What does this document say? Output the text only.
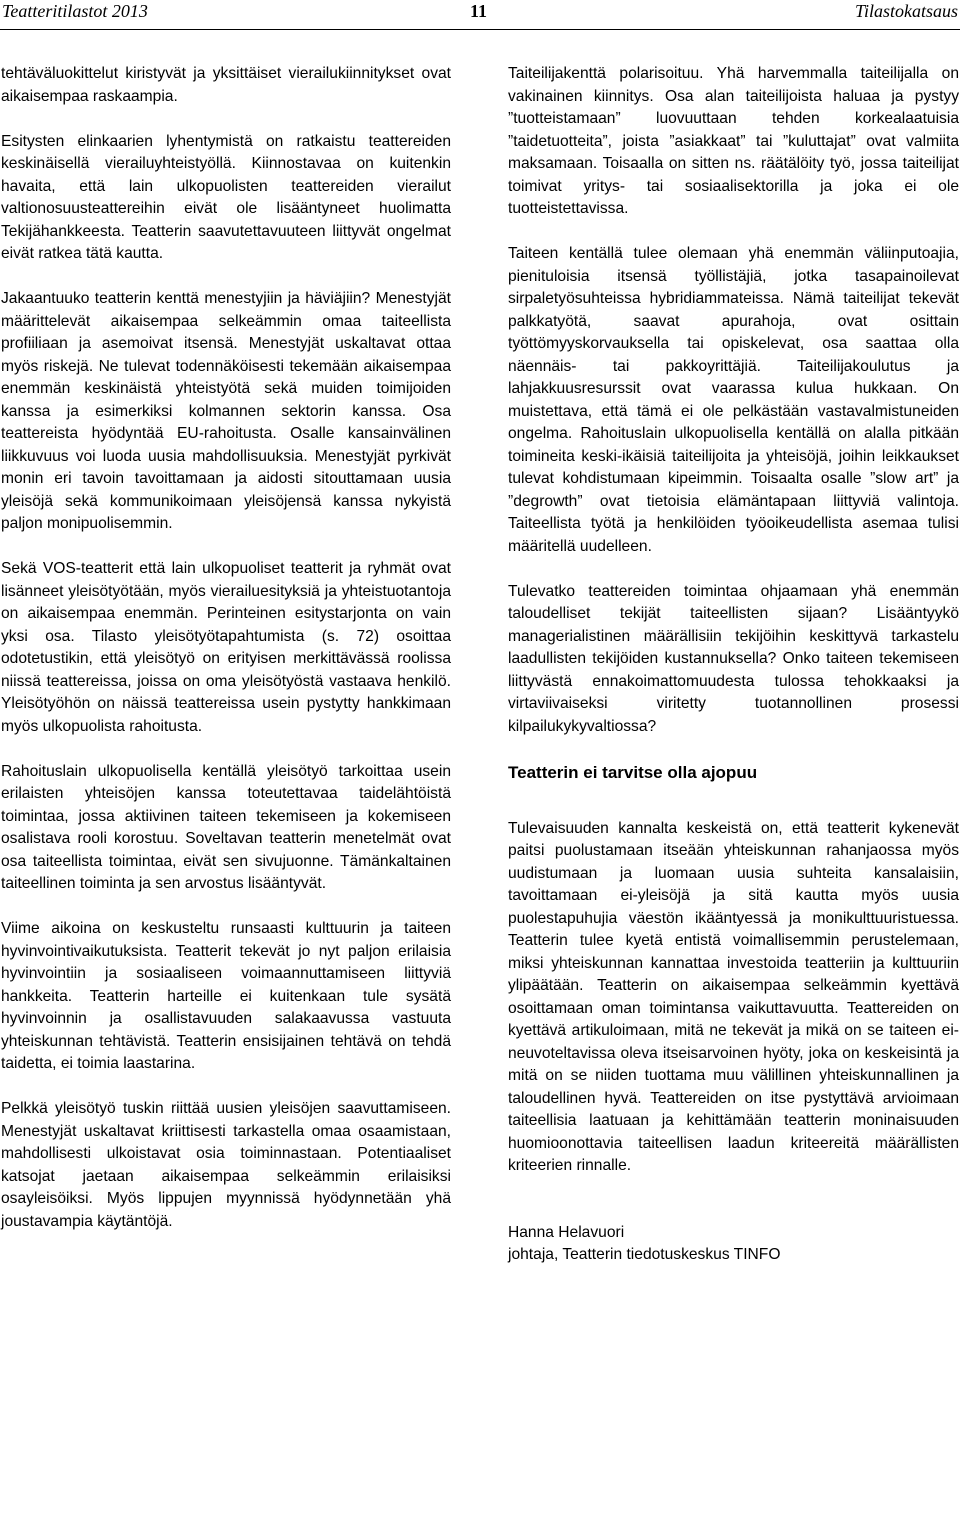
Teatteritilastot 2013	11	Tilastokatsaus

tehtäväluokittelut kiristyvät ja yksittäiset vierailukiinnitykset ovat aikaisempaa raskaampia.

Esitysten elinkaarien lyhentymistä on ratkaistu teattereiden keskinäisellä vierailuyhteistyöllä. Kiinnostavaa on kuitenkin havaita, että lain ulkopuolisten teattereiden vierailut valtionosuusteattereihin eivät ole lisääntyneet huolimatta Tekijähankkeesta. Teatterin saavutettavuuteen liittyvät ongelmat eivät ratkea tätä kautta.

Jakaantuuko teatterin kenttä menestyjiin ja häviäjiin? Menestyjät määrittelevät aikaisempaa selkeämmin omaa taiteellista profiiliaan ja asemoivat itsensä. Menestyjät uskaltavat ottaa myös riskejä. Ne tulevat todennäköisesti tekemään aikaisempaa enemmän keskinäistä yhteistyötä sekä muiden toimijoiden kanssa ja esimerkiksi kolmannen sektorin kanssa. Osa teattereista hyödyntää EU-rahoitusta. Osalle kansainvälinen liikkuvuus voi luoda uusia mahdollisuuksia. Menestyjät pyrkivät monin eri tavoin tavoittamaan ja aidosti sitouttamaan uusia yleisöjä sekä kommunikoimaan yleisöjensä kanssa nykyistä paljon monipuolisemmin.

Sekä VOS-teatterit että lain ulkopuoliset teatterit ja ryhmät ovat lisänneet yleisötyötään, myös vierailuesityksiä ja yhteistuotantoja on aikaisempaa enemmän. Perinteinen esitystarjonta on vain yksi osa. Tilasto yleisötyötapahtumista (s. 72) osoittaa odotetustikin, että yleisötyö on erityisen merkittävässä roolissa niissä teattereissa, joissa on oma yleisötyöstä vastaava henkilö. Yleisötyöhön on näissä teattereissa usein pystytty hankkimaan myös ulkopuolista rahoitusta.

Rahoituslain ulkopuolisella kentällä yleisötyö tarkoittaa usein erilaisten yhteisöjen kanssa toteutettavaa taidelähtöistä toimintaa, jossa aktiivinen taiteen tekemiseen ja kokemiseen osalistava rooli korostuu. Soveltavan teatterin menetelmät ovat osa taiteellista toimintaa, eivät sen sivujuonne. Tämänkaltainen taiteellinen toiminta ja sen arvostus lisääntyvät.

Viime aikoina on keskusteltu runsaasti kulttuurin ja taiteen hyvinvointivaikutuksista. Teatterit tekevät jo nyt paljon erilaisia hyvinvointiin ja sosiaaliseen voimaannuttamiseen liittyviä hankkeita. Teatterin harteille ei kuitenkaan tule sysätä hyvinvoinnin ja osallistavuuden salakaavussa vastuuta yhteiskunnan tehtävistä. Teatterin ensisijainen tehtävä on tehdä taidetta, ei toimia laastarina.

Pelkkä yleisötyö tuskin riittää uusien yleisöjen saavuttamiseen. Menestyjät uskaltavat kriittisesti tarkastella omaa osaamistaan, mahdollisesti ulkoistavat osia toiminnastaan. Potentiaaliset katsojat jaetaan aikaisempaa selkeämmin erilaisiksi osayleisöiksi. Myös lippujen myynnissä hyödynnetään yhä joustavampia käytäntöjä.

Taiteilijakenttä polarisoituu. Yhä harvemmalla taiteilijalla on vakinainen kiinnitys. Osa alan taiteilijoista haluaa ja pystyy ”tuotteistamaan” luovuuttaan tehden korkealaatuisia ”taidetuotteita”, joista ”asiakkaat” tai ”kuluttajat” ovat valmiita maksamaan. Toisaalla on sitten ns. räätälöity työ, jossa taiteilijat toimivat yritys- tai sosiaalisektorilla ja joka ei ole tuotteistettavissa.

Taiteen kentällä tulee olemaan yhä enemmän väliinputoajia, pienituloisia itsensä työllistäjiä, jotka tasapainoilevat sirpaletyösuhteissa hybridiammateissa. Nämä taiteilijat tekevät palkkatyötä, saavat apurahoja, ovat osittain työttömyyskorvauksella tai opiskelevat, osa saattaa olla näennäis- tai pakkoyrittäjiä. Taiteilijakoulutus ja lahjakkuusresurssit ovat vaarassa kulua hukkaan. On muistettava, että tämä ei ole pelkästään vastavalmistuneiden ongelma. Rahoituslain ulkopuolisella kentällä on alalla pitkään toimineita keski-ikäisiä taiteilijoita ja yhteisöjä, joihin leikkaukset tulevat kohdistumaan kipeimmin. Toisaalta osalle ”slow art” ja ”degrowth” ovat tietoisia elämäntapaan liittyviä valintoja. Taiteellista työtä ja henkilöiden työoikeudellista asemaa tulisi määritellä uudelleen.

Tulevatko teattereiden toimintaa ohjaamaan yhä enemmän taloudelliset tekijät taiteellisten sijaan? Lisääntyykö managerialistinen määrällisiin tekijöihin keskittyvä tarkastelu laadullisten tekijöiden kustannuksella? Onko taiteen tekemiseen liittyvästä ennakoimattomuudesta tulossa tehokkaaksi ja virtaviivaiseksi viritetty tuotannollinen prosessi kilpailukykyvaltiossa?

Teatterin ei tarvitse olla ajopuu

Tulevaisuuden kannalta keskeistä on, että teatterit kykenevät paitsi puolustamaan itseään yhteiskunnan rahanjaossa myös uudistumaan ja luomaan uusia suhteita kansalaisiin, tavoittamaan ei-yleisöjä ja sitä kautta myös uusia puolestapuhujia väestön ikääntyessä ja monikulttuuristuessa. Teatterin tulee kyetä entistä voimallisemmin perustelemaan, miksi yhteiskunnan kannattaa investoida teatteriin ja kulttuuriin ylipäätään. Teatterin on aikaisempaa selkeämmin kyettävä osoittamaan oman toimintansa vaikuttavuutta. Teattereiden on kyettävä artikuloimaan, mitä ne tekevät ja mikä on se taiteen ei-neuvoteltavissa oleva itseisarvoinen hyöty, joka on keskeisintä ja mitä on se niiden tuottama muu välillinen yhteiskunnallinen ja taloudellinen hyvä. Teattereiden on itse pystyttävä arvioimaan taiteellisia laatuaan ja kehittämään teatterin moninaisuuden huomioonottavia taiteellisen laadun kriteereitä määrällisten kriteerien rinnalle.

Hanna Helavuori
johtaja, Teatterin tiedotuskeskus TINFO
